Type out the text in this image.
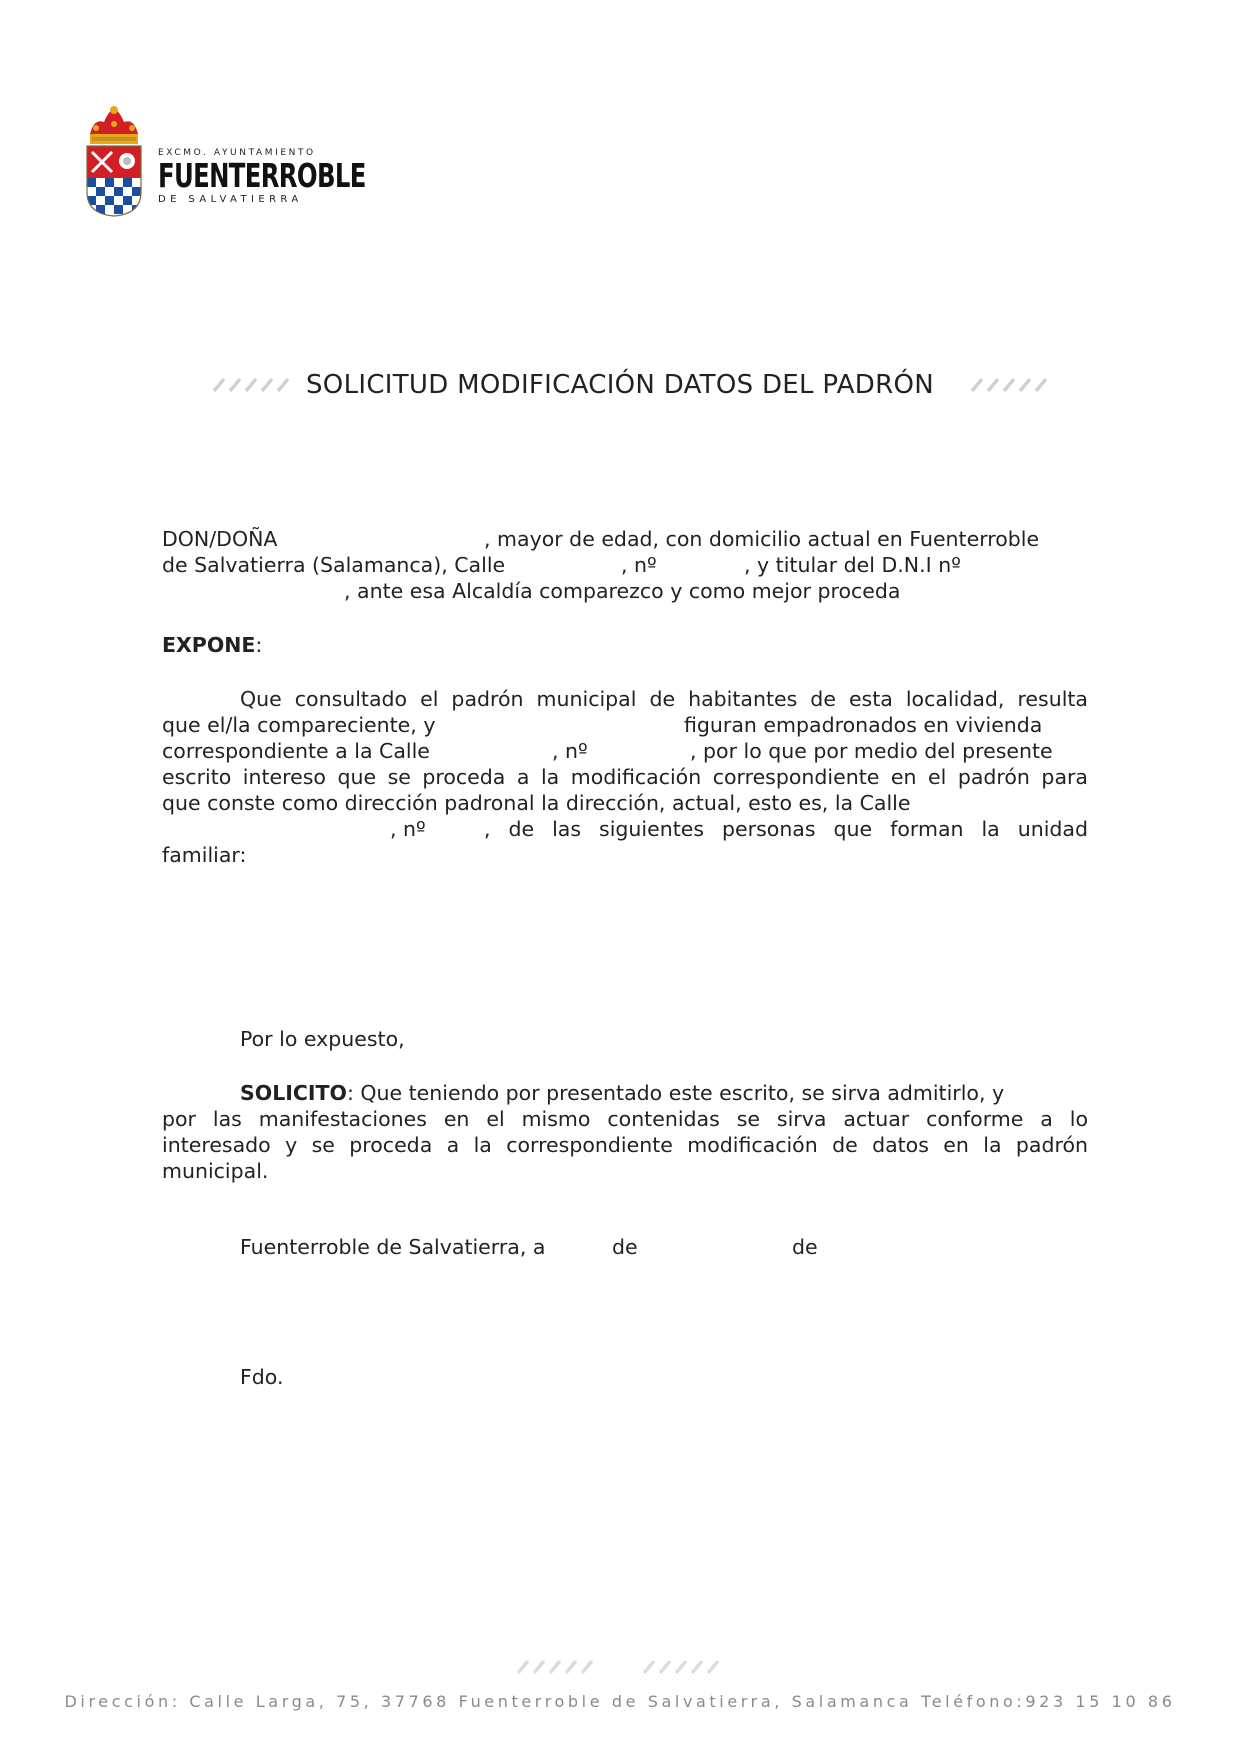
EXCMO. AYUNTAMIENTO
FUENTERROBLE
DE SALVATIERRA
SOLICITUD MODIFICACIÓN DATOS DEL PADRÓN
DON/DOÑA	, mayor de edad, con domicilio actual en Fuenterroble
de Salvatierra (Salamanca), Calle	, nº	, y titular del D.N.I nº
, ante esa Alcaldía comparezco y como mejor proceda
EXPONE:
Que consultado el padrón municipal de habitantes de esta localidad, resulta
que el/la compareciente, y	figuran empadronados en vivienda
correspondiente a la Calle	, nº	, por lo que por medio del presente
escrito intereso que se proceda a la modificación correspondiente en el padrón para
que conste como dirección padronal la dirección, actual, esto es, la Calle
, nº	, de las siguientes personas que forman la unidad
familiar:
Por lo expuesto,
SOLICITO: Que teniendo por presentado este escrito, se sirva admitirlo, y
por las manifestaciones en el mismo contenidas se sirva actuar conforme a lo
interesado y se proceda a la correspondiente modificación de datos en la padrón
municipal.
Fuenterroble de Salvatierra, a	de	de
Fdo.
Dirección: Calle Larga, 75, 37768 Fuenterroble de Salvatierra, Salamanca Teléfono:923 15 10 86
